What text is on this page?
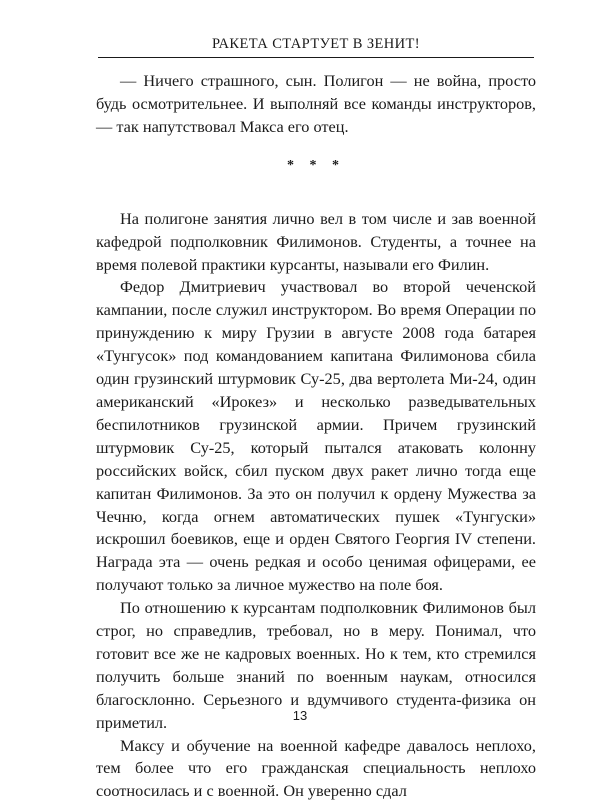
РАКЕТА СТАРТУЕТ В ЗЕНИТ!

— Ничего страшного, сын. Полигон — не война, просто будь осмотрительнее. И выполняй все команды инструкторов, — так напутствовал Макса его отец.

* * *

На полигоне занятия лично вел в том числе и зав военной кафедрой подполковник Филимонов. Студенты, а точнее на время полевой практики курсанты, называли его Филин.

Федор Дмитриевич участвовал во второй чеченской кампании, после служил инструктором. Во время Операции по принуждению к миру Грузии в августе 2008 года батарея «Тунгусок» под командованием капитана Филимонова сбила один грузинский штурмовик Су-25, два вертолета Ми-24, один американский «Ирокез» и несколько разведывательных беспилотников грузинской армии. Причем грузинский штурмовик Су-25, который пытался атаковать колонну российских войск, сбил пуском двух ракет лично тогда еще капитан Филимонов. За это он получил к ордену Мужества за Чечню, когда огнем автоматических пушек «Тунгуски» искрошил боевиков, еще и орден Святого Георгия IV степени. Награда эта — очень редкая и особо ценимая офицерами, ее получают только за личное мужество на поле боя.

По отношению к курсантам подполковник Филимонов был строг, но справедлив, требовал, но в меру. Понимал, что готовит все же не кадровых военных. Но к тем, кто стремился получить больше знаний по военным наукам, относился благосклонно. Серьезного и вдумчивого студента-физика он приметил.

Максу и обучение на военной кафедре давалось неплохо, тем более что его гражданская специальность неплохо соотносилась и с военной. Он уверенно сдал

13
